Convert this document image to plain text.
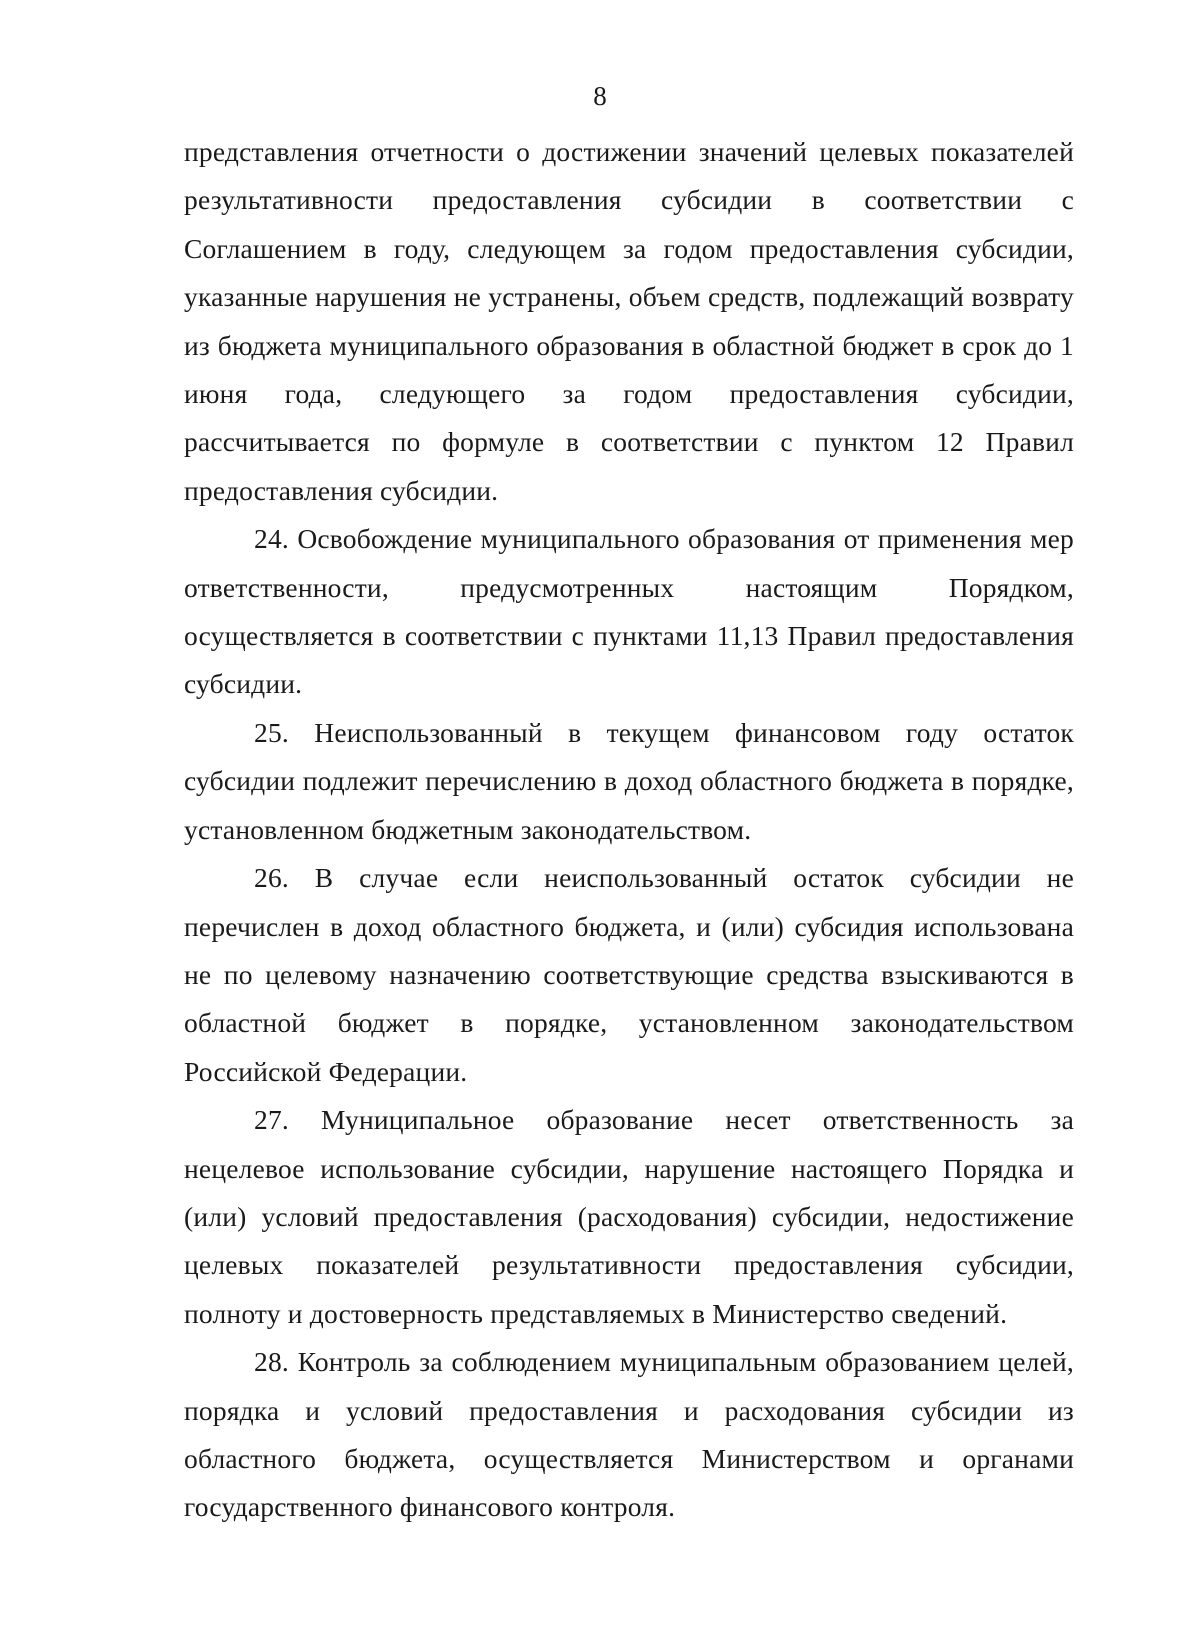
8

представления отчетности о достижении значений целевых показателей результативности предоставления субсидии в соответствии с Соглашением в году, следующем за годом предоставления субсидии, указанные нарушения не устранены, объем средств, подлежащий возврату из бюджета муниципального образования в областной бюджет в срок до 1 июня года, следующего за годом предоставления субсидии, рассчитывается по формуле в соответствии с пунктом 12 Правил предоставления субсидии.

24. Освобождение муниципального образования от применения мер ответственности, предусмотренных настоящим Порядком, осуществляется в соответствии с пунктами 11,13 Правил предоставления субсидии.

25. Неиспользованный в текущем финансовом году остаток субсидии подлежит перечислению в доход областного бюджета в порядке, установленном бюджетным законодательством.

26. В случае если неиспользованный остаток субсидии не перечислен в доход областного бюджета, и (или) субсидия использована не по целевому назначению соответствующие средства взыскиваются в областной бюджет в порядке, установленном законодательством Российской Федерации.

27. Муниципальное образование несет ответственность за нецелевое использование субсидии, нарушение настоящего Порядка и (или) условий предоставления (расходования) субсидии, недостижение целевых показателей результативности предоставления субсидии, полноту и достоверность представляемых в Министерство сведений.

28. Контроль за соблюдением муниципальным образованием целей, порядка и условий предоставления и расходования субсидии из областного бюджета, осуществляется Министерством и органами государственного финансового контроля.
